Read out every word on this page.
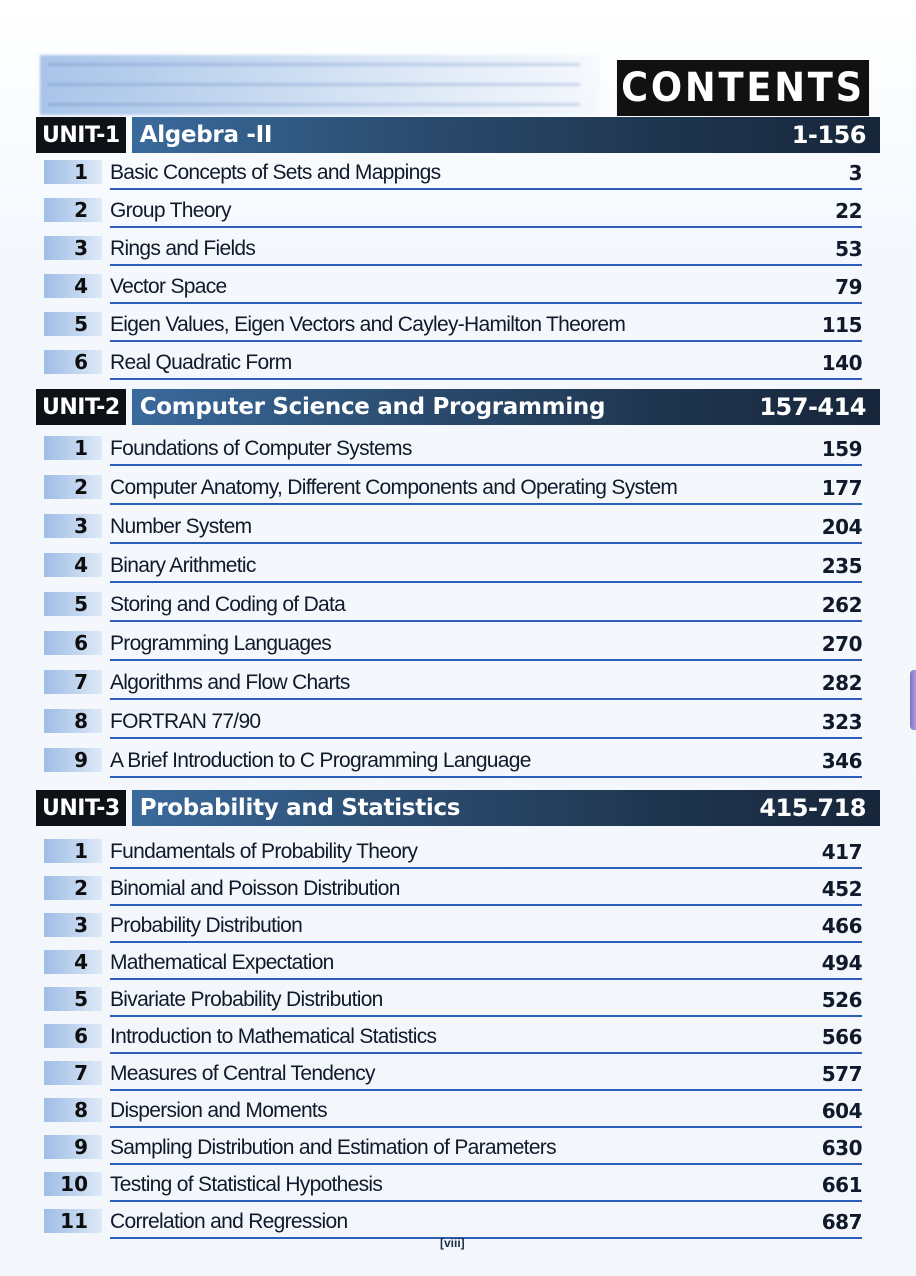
CONTENTS
UNIT-1 Algebra -II	1-156
1	Basic Concepts of Sets and Mappings	3
2	Group Theory	22
3	Rings and Fields	53
4	Vector Space	79
5	Eigen Values, Eigen Vectors and Cayley-Hamilton Theorem	115
6	Real Quadratic Form	140
UNIT-2 Computer Science and Programming	157-414
1	Foundations of Computer Systems	159
2	Computer Anatomy, Different Components and Operating System	177
3	Number System	204
4	Binary Arithmetic	235
5	Storing and Coding of Data	262
6	Programming Languages	270
7	Algorithms and Flow Charts	282
8	FORTRAN 77/90	323
9	A Brief Introduction to C Programming Language	346
UNIT-3 Probability and Statistics	415-718
1	Fundamentals of Probability Theory	417
2	Binomial and Poisson Distribution	452
3	Probability Distribution	466
4	Mathematical Expectation	494
5	Bivariate Probability Distribution	526
6	Introduction to Mathematical Statistics	566
7	Measures of Central Tendency	577
8	Dispersion and Moments	604
9	Sampling Distribution and Estimation of Parameters	630
10	Testing of Statistical Hypothesis	661
11	Correlation and Regression	687
[viii]
